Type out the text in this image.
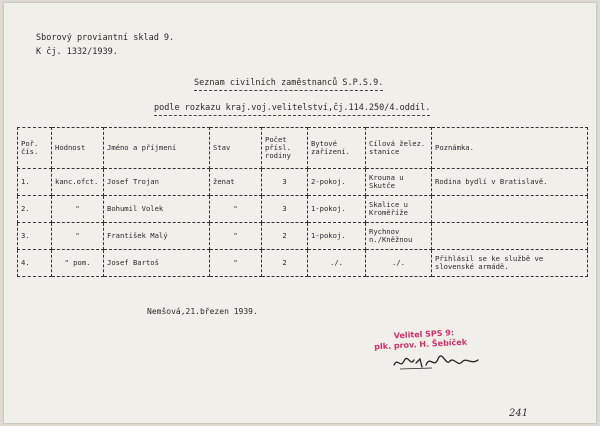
Sborový proviantní sklad 9.
K čj. 1332/1939.
Seznam civilních zaměstnanců S.P.S.9.
podle rozkazu kraj.voj.velitelství,čj.114.250/4.oddíl.
Poř. čís.	Hodnost	Jméno a příjmení	Stav	Počet přísl. rodiny	Bytové zařízení.	Cílová želez. stanice	Poznámka.
1.	kanc.ofct.	Josef Trojan	ženat	3	2-pokoj.	Krouna u Skutče	Rodina bydlí v Bratislavě.
2.	"	Bohumil Volek	"	3	1-pokoj.	Skalice u Kroměříže	
3.	"	František Malý	"	2	1-pokoj.	Rychnov n./Kněžnou	
4.	" pom.	Josef Bartoš	"	2	./.	./.	Přihlásil se ke službě ve slovenské armádě.
Nemšová,21.březen 1939.
Velitel SPS 9:
plk. prov. H. Šebíček
241
